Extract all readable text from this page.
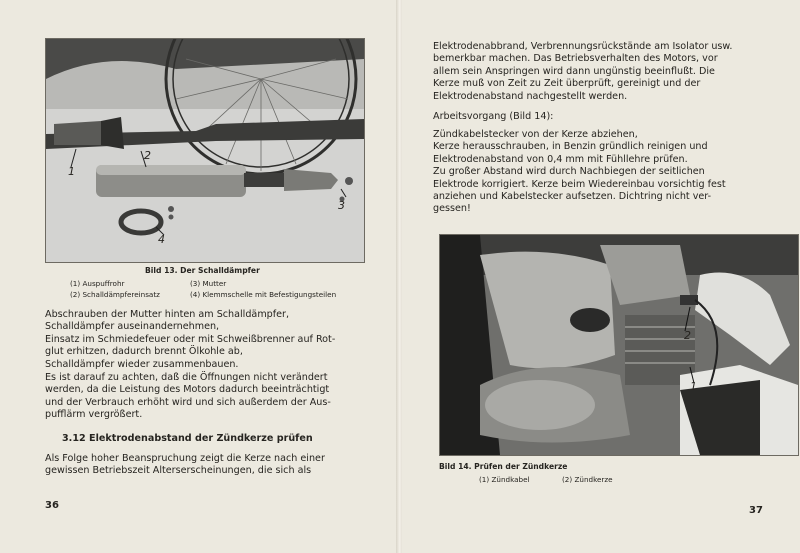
1
2
3
4
Bild 13. Der Schalldämpfer
(1) Auspuffrohr	(3) Mutter
(2) Schalldämpfereinsatz	(4) Klemmschelle mit Befestigungsteilen
Abschrauben der Mutter hinten am Schalldämpfer,
Schalldämpfer auseinandernehmen,
Einsatz im Schmiedefeuer oder mit Schweißbrenner auf Rot-
glut erhitzen, dadurch brennt Ölkohle ab,
Schalldämpfer wieder zusammenbauen.
Es ist darauf zu achten, daß die Öffnungen nicht verändert
werden, da die Leistung des Motors dadurch beeinträchtigt
und der Verbrauch erhöht wird und sich außerdem der Aus-
pufflärm vergrößert.
3.12 Elektrodenabstand der Zündkerze prüfen
Als Folge hoher Beanspruchung zeigt die Kerze nach einer
gewissen Betriebszeit Alterserscheinungen, die sich als
36
Elektrodenabbrand, Verbrennungsrückstände am Isolator usw.
bemerkbar machen. Das Betriebsverhalten des Motors, vor
allem sein Anspringen wird dann ungünstig beeinflußt. Die
Kerze muß von Zeit zu Zeit überprüft, gereinigt und der
Elektrodenabstand nachgestellt werden.
Arbeitsvorgang (Bild 14):
Zündkabelstecker von der Kerze abziehen,
Kerze herausschrauben, in Benzin gründlich reinigen und
Elektrodenabstand von 0,4 mm mit Fühllehre prüfen.
Zu großer Abstand wird durch Nachbiegen der seitlichen
Elektrode korrigiert. Kerze beim Wiedereinbau vorsichtig fest
anziehen und Kabelstecker aufsetzen. Dichtring nicht ver-
gessen!
2
1
Bild 14. Prüfen der Zündkerze
(1) Zündkabel	(2) Zündkerze
37
